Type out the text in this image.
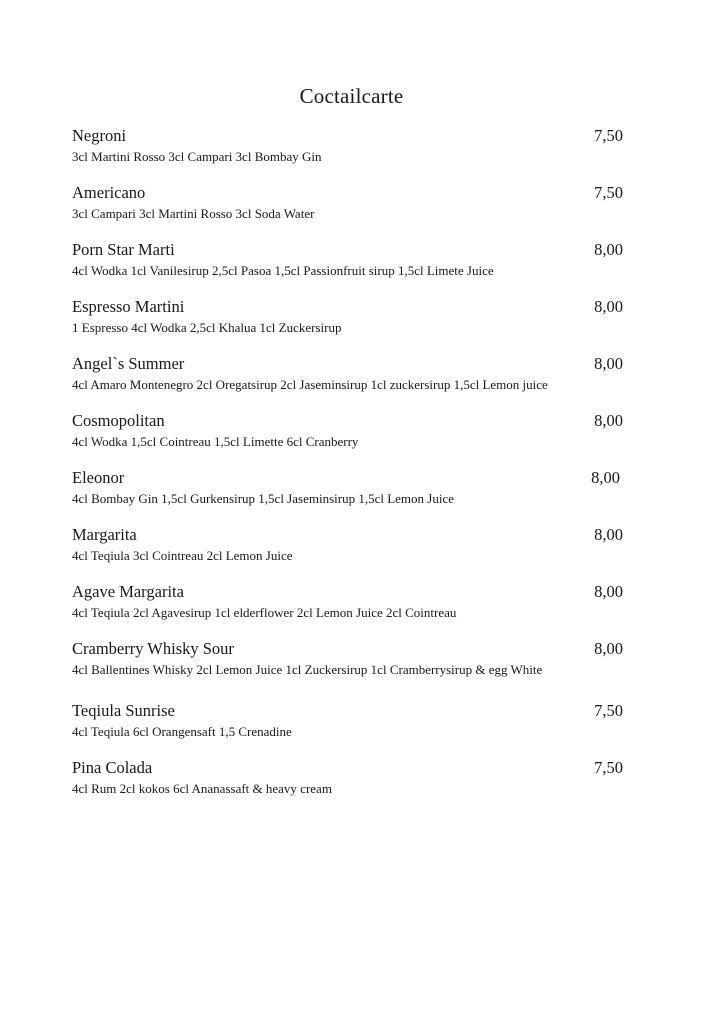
Coctailcarte
Negroni	7,50
3cl Martini Rosso 3cl Campari 3cl Bombay Gin
Americano	7,50
3cl Campari 3cl Martini Rosso 3cl Soda Water
Porn Star Marti	8,00
4cl Wodka 1cl Vanilesirup 2,5cl Pasoa 1,5cl Passionfruit sirup 1,5cl Limete Juice
Espresso Martini	8,00
1 Espresso 4cl Wodka 2,5cl Khalua 1cl Zuckersirup
Angel`s Summer	8,00
4cl Amaro Montenegro 2cl Oregatsirup 2cl Jaseminsirup 1cl zuckersirup 1,5cl Lemon juice
Cosmopolitan	8,00
4cl Wodka 1,5cl Cointreau 1,5cl Limette 6cl Cranberry
Eleonor	8,00
4cl Bombay Gin 1,5cl Gurkensirup 1,5cl Jaseminsirup 1,5cl Lemon Juice
Margarita	8,00
4cl Teqiula 3cl Cointreau 2cl Lemon Juice
Agave Margarita	8,00
4cl Teqiula 2cl Agavesirup 1cl elderflower 2cl Lemon Juice 2cl Cointreau
Cramberry Whisky Sour	8,00
4cl Ballentines Whisky 2cl Lemon Juice 1cl Zuckersirup 1cl Cramberrysirup & egg White
Teqiula Sunrise	7,50
4cl Teqiula 6cl Orangensaft 1,5 Crenadine
Pina Colada	7,50
4cl Rum 2cl kokos 6cl Ananassaft & heavy cream
